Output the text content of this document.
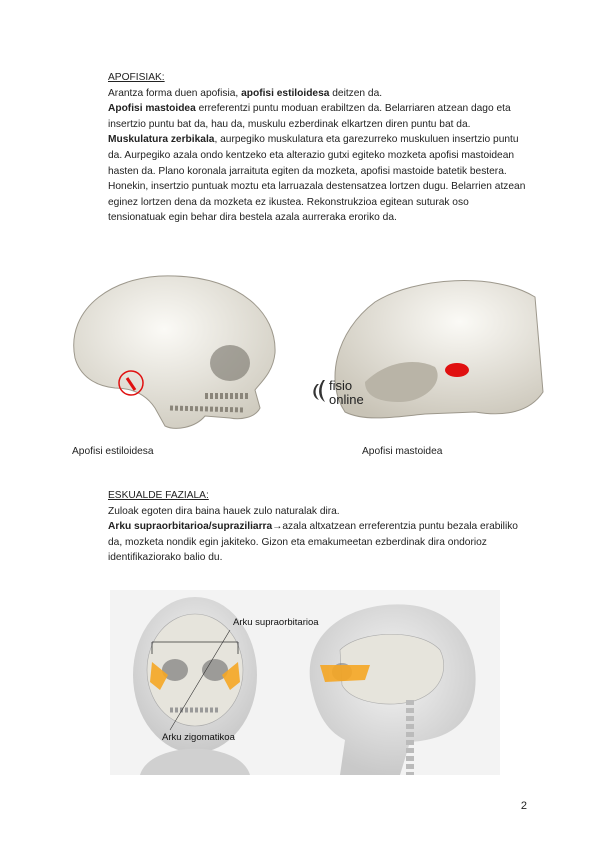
APOFISIAK:

Arantza forma duen apofisia, apofisi estiloidesa deitzen da.

Apofisi mastoidea erreferentzi puntu moduan erabiltzen da. Belarriaren atzean dago eta insertzio puntu bat da, hau da, muskulu ezberdinak elkartzen diren puntu bat da. Muskulatura zerbikala, aurpegiko muskulatura eta garezurreko muskuluen insertzio puntu da. Aurpegiko azala ondo kentzeko eta alterazio gutxi egiteko mozketa apofisi mastoidean hasten da. Plano koronala jarraituta egiten da mozketa, apofisi mastoide batetik bestera. Honekin, insertzio puntuak moztu eta larruazala destensatzea lortzen dugu. Belarrien atzean eginez lortzen dena da mozketa ez ikustea. Rekonstrukzioa egitean suturak oso tensionatuak egin behar dira bestela azala aurreraka eroriko da.

fisio
online
Apofisi estiloidesa	Apofisi mastoidea
ESKUALDE FAZIALA:

Zuloak egoten dira baina hauek zulo naturalak dira.

Arku supraorbitarioa/supraziliarra→azala altxatzean erreferentzia puntu bezala erabiliko da, mozketa nondik egin jakiteko. Gizon eta emakumeetan ezberdinak dira ondorioz identifikaziorako balio du.

Arku supraorbitarioa
Arku zigomatikoa
2
